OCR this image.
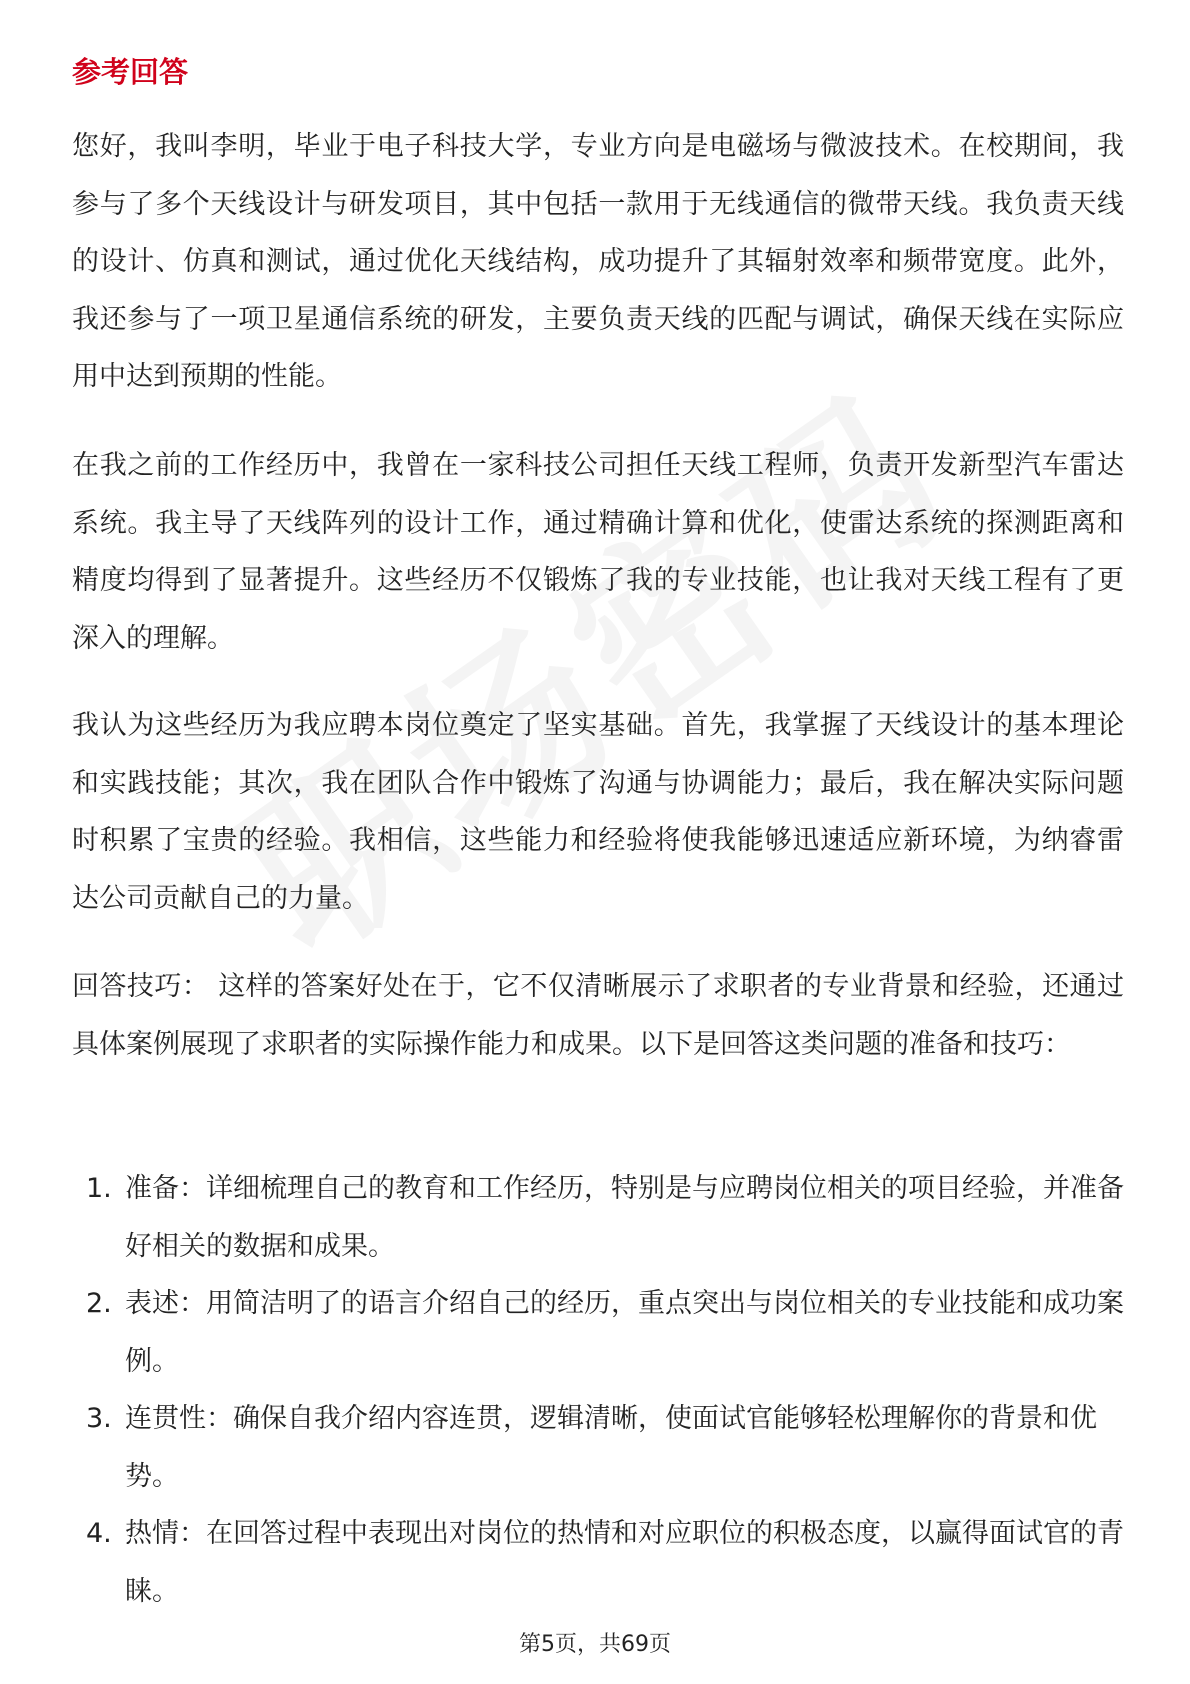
参考回答

您好，我叫李明，毕业于电子科技大学，专业方向是电磁场与微波技术。在校期间，我参与了多个天线设计与研发项目，其中包括一款用于无线通信的微带天线。我负责天线的设计、仿真和测试，通过优化天线结构，成功提升了其辐射效率和频带宽度。此外，我还参与了一项卫星通信系统的研发，主要负责天线的匹配与调试，确保天线在实际应用中达到预期的性能。

在我之前的工作经历中，我曾在一家科技公司担任天线工程师，负责开发新型汽车雷达系统。我主导了天线阵列的设计工作，通过精确计算和优化，使雷达系统的探测距离和精度均得到了显著提升。这些经历不仅锻炼了我的专业技能，也让我对天线工程有了更深入的理解。

我认为这些经历为我应聘本岗位奠定了坚实基础。首先，我掌握了天线设计的基本理论和实践技能；其次，我在团队合作中锻炼了沟通与协调能力；最后，我在解决实际问题时积累了宝贵的经验。我相信，这些能力和经验将使我能够迅速适应新环境，为纳睿雷达公司贡献自己的力量。

回答技巧： 这样的答案好处在于，它不仅清晰展示了求职者的专业背景和经验，还通过具体案例展现了求职者的实际操作能力和成果。以下是回答这类问题的准备和技巧：

1. 准备：详细梳理自己的教育和工作经历，特别是与应聘岗位相关的项目经验，并准备好相关的数据和成果。
2. 表述：用简洁明了的语言介绍自己的经历，重点突出与岗位相关的专业技能和成功案例。
3. 连贯性：确保自我介绍内容连贯，逻辑清晰，使面试官能够轻松理解你的背景和优势。
4. 热情：在回答过程中表现出对岗位的热情和对应职位的积极态度，以赢得面试官的青睐。
第5页，共69页
